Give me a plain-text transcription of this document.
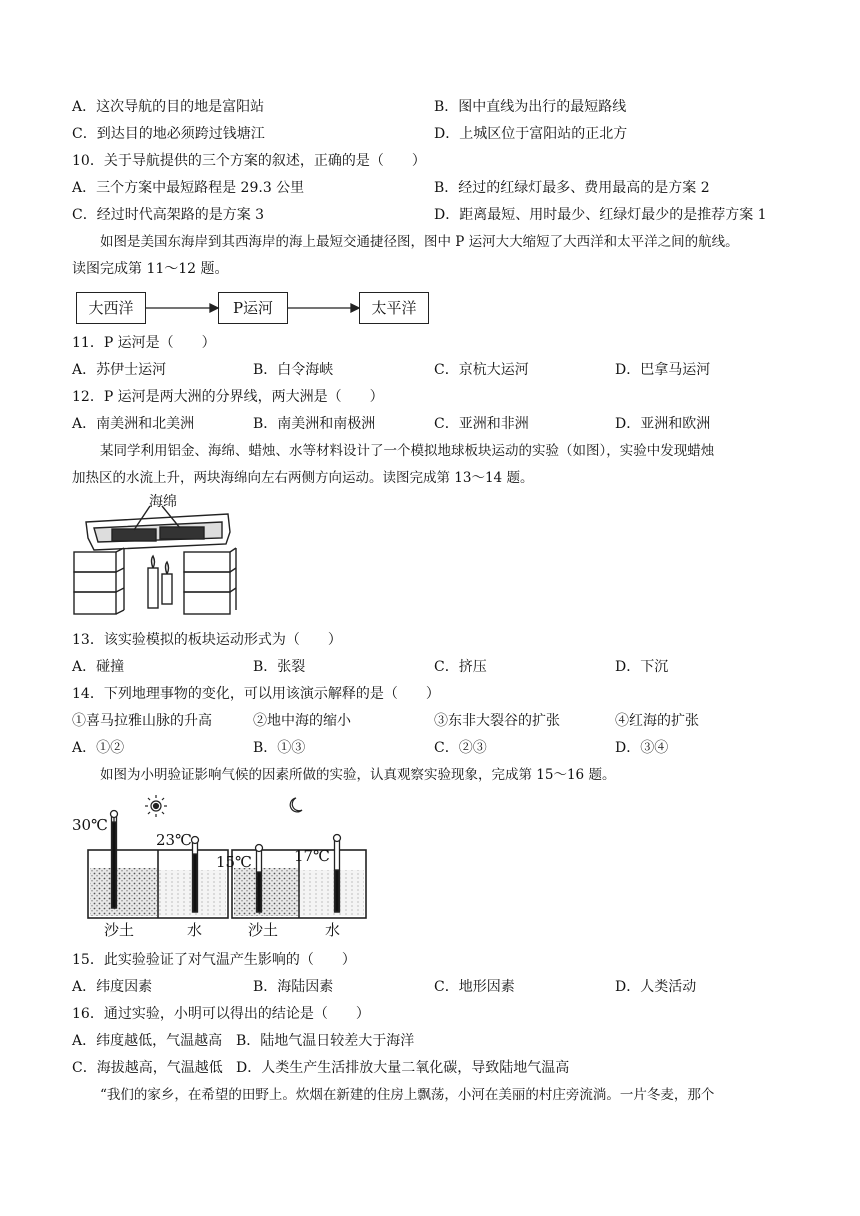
A．这次导航的目的地是富阳站	B．图中直线为出行的最短路线
C．到达目的地必须跨过钱塘江	D．上城区位于富阳站的正北方
10．关于导航提供的三个方案的叙述，正确的是（　　）
A．三个方案中最短路程是 29.3 公里	B．经过的红绿灯最多、费用最高的是方案 2
C．经过时代高架路的是方案 3	D．距离最短、用时最少、红绿灯最少的是推荐方案 1
如图是美国东海岸到其西海岸的海上最短交通捷径图，图中 P 运河大大缩短了大西洋和太平洋之间的航线。
读图完成第 11～12 题。
大西洋	P运河	太平洋
11．P 运河是（　　）
A．苏伊士运河	B．白令海峡	C．京杭大运河	D．巴拿马运河
12．P 运河是两大洲的分界线，两大洲是（　　）
A．南美洲和北美洲	B．南美洲和南极洲	C．亚洲和非洲	D．亚洲和欧洲
某同学利用铝金、海绵、蜡烛、水等材料设计了一个模拟地球板块运动的实验（如图），实验中发现蜡烛
加热区的水流上升，两块海绵向左右两侧方向运动。读图完成第 13～14 题。
海绵
13．该实验模拟的板块运动形式为（　　）
A．碰撞	B．张裂	C．挤压	D．下沉
14．下列地理事物的变化，可以用该演示解释的是（　　）
①喜马拉雅山脉的升高	②地中海的缩小	③东非大裂谷的扩张	④红海的扩张
A．①②	B．①③	C．②③	D．③④
如图为小明验证影响气候的因素所做的实验，认真观察实验现象，完成第 15～16 题。
30℃
23℃
15℃	17℃
沙土	水	沙土	水
15．此实验验证了对气温产生影响的（　　）
A．纬度因素	B．海陆因素	C．地形因素	D．人类活动
16．通过实验，小明可以得出的结论是（　　）
A．纬度越低，气温越高 B．陆地气温日较差大于海洋
C．海拔越高，气温越低 D．人类生产生活排放大量二氧化碳，导致陆地气温高
“我们的家乡，在希望的田野上。炊烟在新建的住房上飘荡，小河在美丽的村庄旁流淌。一片冬麦，那个
